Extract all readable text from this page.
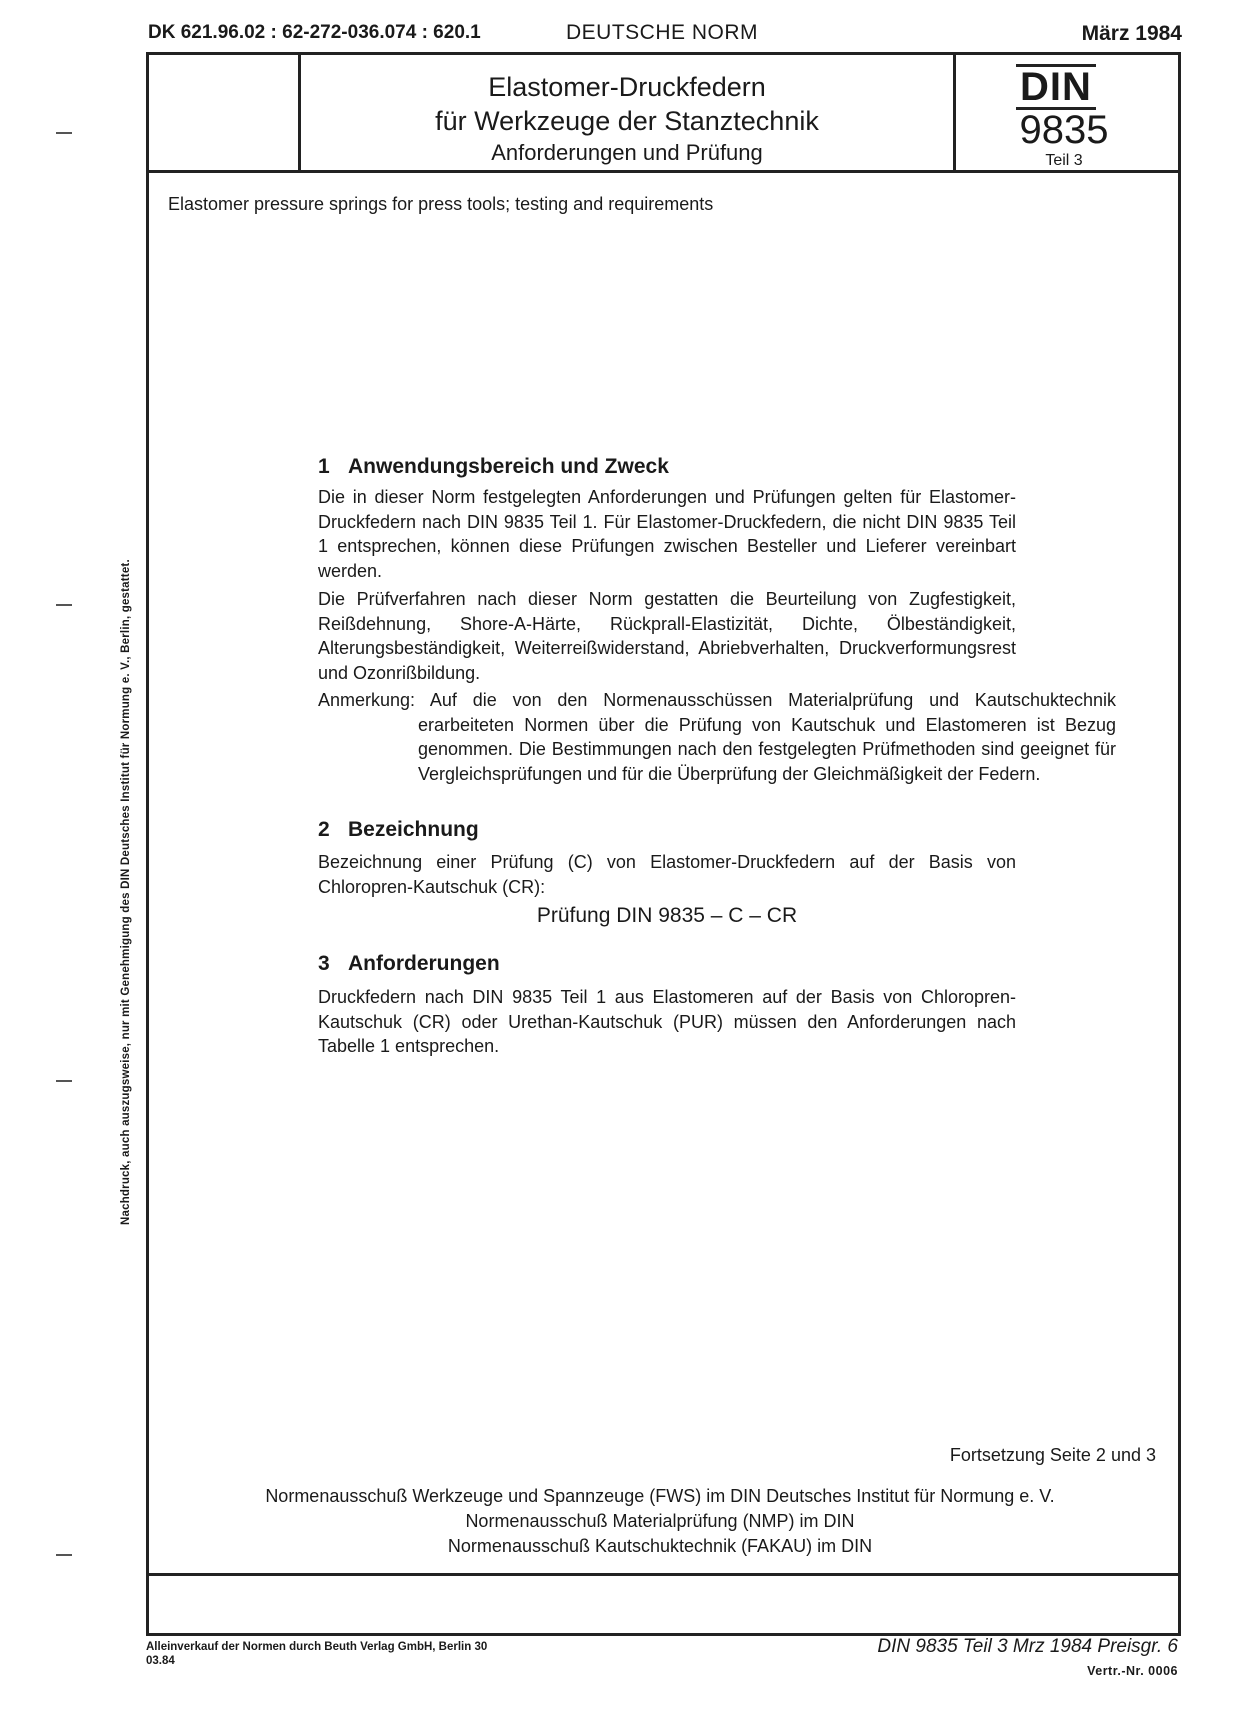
DK 621.96.02 : 62-272-036.074 : 620.1	DEUTSCHE NORM	März 1984
Elastomer-Druckfedern
für Werkzeuge der Stanztechnik
Anforderungen und Prüfung
DIN
9835
Teil 3
Elastomer pressure springs for press tools; testing and requirements
Nachdruck, auch auszugsweise, nur mit Genehmigung des DIN Deutsches Institut für Normung e. V., Berlin, gestattet.
1 Anwendungsbereich und Zweck
Die in dieser Norm festgelegten Anforderungen und Prüfungen gelten für Elastomer-Druckfedern nach DIN 9835 Teil 1. Für Elastomer-Druckfedern, die nicht DIN 9835 Teil 1 entsprechen, können diese Prüfungen zwischen Besteller und Lieferer vereinbart werden.
Die Prüfverfahren nach dieser Norm gestatten die Beurteilung von Zugfestigkeit, Reißdehnung, Shore-A-Härte, Rückprall-Elastizität, Dichte, Ölbeständigkeit, Alterungsbeständigkeit, Weiterreißwiderstand, Abriebverhalten, Druckverformungsrest und Ozonrißbildung.
Anmerkung: Auf die von den Normenausschüssen Materialprüfung und Kautschuktechnik erarbeiteten Normen über die Prüfung von Kautschuk und Elastomeren ist Bezug genommen. Die Bestimmungen nach den festgelegten Prüfmethoden sind geeignet für Vergleichsprüfungen und für die Überprüfung der Gleichmäßigkeit der Federn.
2 Bezeichnung
Bezeichnung einer Prüfung (C) von Elastomer-Druckfedern auf der Basis von Chloropren-Kautschuk (CR):
Prüfung DIN 9835 – C – CR
3 Anforderungen
Druckfedern nach DIN 9835 Teil 1 aus Elastomeren auf der Basis von Chloropren-Kautschuk (CR) oder Urethan-Kautschuk (PUR) müssen den Anforderungen nach Tabelle 1 entsprechen.
Fortsetzung Seite 2 und 3
Normenausschuß Werkzeuge und Spannzeuge (FWS) im DIN Deutsches Institut für Normung e. V.
Normenausschuß Materialprüfung (NMP) im DIN
Normenausschuß Kautschuktechnik (FAKAU) im DIN
Alleinverkauf der Normen durch Beuth Verlag GmbH, Berlin 30
03.84
DIN 9835 Teil 3 Mrz 1984 Preisgr. 6
Vertr.-Nr. 0006
